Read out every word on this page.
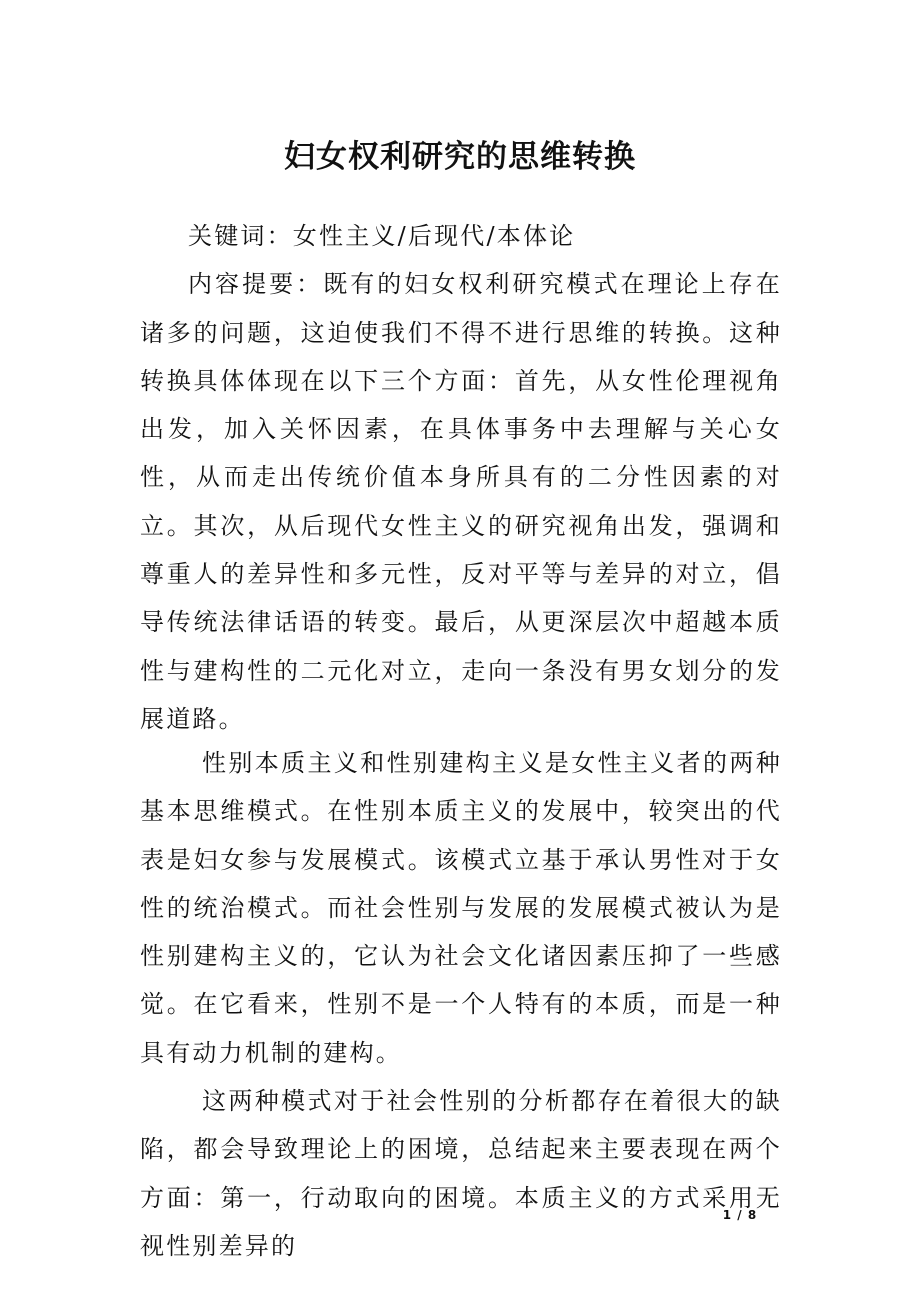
妇女权利研究的思维转换

关键词：女性主义/后现代/本体论

内容提要：既有的妇女权利研究模式在理论上存在诸多的问题，这迫使我们不得不进行思维的转换。这种转换具体体现在以下三个方面：首先，从女性伦理视角出发，加入关怀因素，在具体事务中去理解与关心女性，从而走出传统价值本身所具有的二分性因素的对立。其次，从后现代女性主义的研究视角出发，强调和尊重人的差异性和多元性，反对平等与差异的对立，倡导传统法律话语的转变。最后，从更深层次中超越本质性与建构性的二元化对立，走向一条没有男女划分的发展道路。

性别本质主义和性别建构主义是女性主义者的两种基本思维模式。在性别本质主义的发展中，较突出的代表是妇女参与发展模式。该模式立基于承认男性对于女性的统治模式。而社会性别与发展的发展模式被认为是性别建构主义的，它认为社会文化诸因素压抑了一些感觉。在它看来，性别不是一个人特有的本质，而是一种具有动力机制的建构。

这两种模式对于社会性别的分析都存在着很大的缺陷，都会导致理论上的困境，总结起来主要表现在两个方面：第一，行动取向的困境。本质主义的方式采用无视性别差异的

1 / 8
